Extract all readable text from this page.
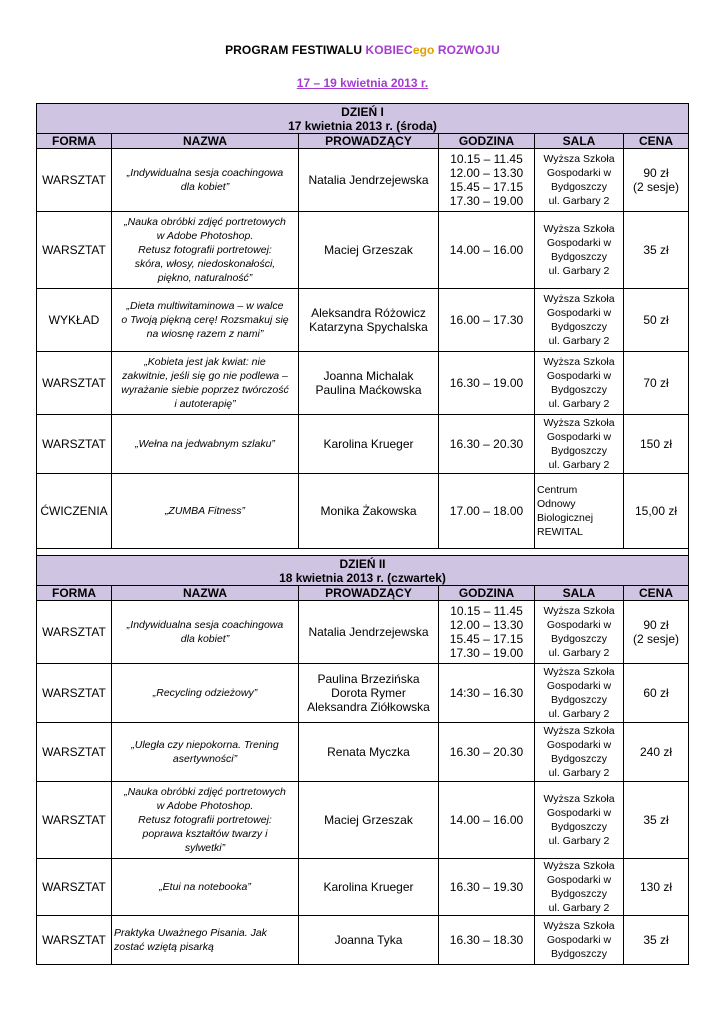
PROGRAM FESTIWALU KOBIECego ROZWOJU
17 – 19 kwietnia 2013 r.
DZIEŃ I
17 kwietnia 2013 r. (środa)					

FORMA	NAZWA	PROWADZĄCY	GODZINA	SALA	CENA
WARSZTAT	„Indywidualna sesja coachingowa
dla kobiet”	Natalia Jendrzejewska	10.15 – 11.45
12.00 – 13.30
15.45 – 17.15
17.30 – 19.00	Wyższa Szkoła
Gospodarki w
Bydgoszczy
ul. Garbary 2	90 zł
(2 sesje)

WARSZTAT	„Nauka obróbki zdjęć portretowych
w Adobe Photoshop.
Retusz fotografii portretowej:
skóra, włosy, niedoskonałości,
piękno, naturalność”	Maciej Grzeszak	14.00 – 16.00	Wyższa Szkoła
Gospodarki w
Bydgoszczy
ul. Garbary 2	35 zł

WYKŁAD	„Dieta multiwitaminowa – w walce
o Twoją piękną cerę! Rozsmakuj się
na wiosnę razem z nami”	Aleksandra Różowicz
Katarzyna Spychalska	16.00 – 17.30	Wyższa Szkoła
Gospodarki w
Bydgoszczy
ul. Garbary 2	50 zł

WARSZTAT	„Kobieta jest jak kwiat: nie
zakwitnie, jeśli się go nie podlewa –
wyrażanie siebie poprzez twórczość
i autoterapię”	Joanna Michalak
Paulina Maćkowska	16.30 – 19.00	Wyższa Szkoła
Gospodarki w
Bydgoszczy
ul. Garbary 2	70 zł

WARSZTAT	„Wełna na jedwabnym szlaku”	Karolina Krueger	16.30 – 20.30	Wyższa Szkoła
Gospodarki w
Bydgoszczy
ul. Garbary 2	150 zł

ĆWICZENIA	„ZUMBA Fitness”	Monika Żakowska	17.00 – 18.00	Centrum
Odnowy
Biologicznej
REWITAL	15,00 zł

DZIEŃ II
18 kwietnia 2013 r. (czwartek)					

FORMA	NAZWA	PROWADZĄCY	GODZINA	SALA	CENA
WARSZTAT	„Indywidualna sesja coachingowa
dla kobiet”	Natalia Jendrzejewska	10.15 – 11.45
12.00 – 13.30
15.45 – 17.15
17.30 – 19.00	Wyższa Szkoła
Gospodarki w
Bydgoszczy
ul. Garbary 2	90 zł
(2 sesje)

WARSZTAT	„Recycling odzieżowy”	Paulina Brzezińska
Dorota Rymer
Aleksandra Ziółkowska	14:30 – 16.30	Wyższa Szkoła
Gospodarki w
Bydgoszczy
ul. Garbary 2	60 zł

WARSZTAT	„Uległa czy niepokorna. Trening
asertywności”	Renata Myczka	16.30 – 20.30	Wyższa Szkoła
Gospodarki w
Bydgoszczy
ul. Garbary 2	240 zł

WARSZTAT	„Nauka obróbki zdjęć portretowych
w Adobe Photoshop.
Retusz fotografii portretowej:
poprawa kształtów twarzy i
sylwetki”	Maciej Grzeszak	14.00 – 16.00	Wyższa Szkoła
Gospodarki w
Bydgoszczy
ul. Garbary 2	35 zł

WARSZTAT	„Etui na notebooka”	Karolina Krueger	16.30 – 19.30	Wyższa Szkoła
Gospodarki w
Bydgoszczy
ul. Garbary 2	130 zł

WARSZTAT	Praktyka Uważnego Pisania. Jak
zostać wziętą pisarką	Joanna Tyka	16.30 – 18.30	Wyższa Szkoła
Gospodarki w
Bydgoszczy	35 zł
